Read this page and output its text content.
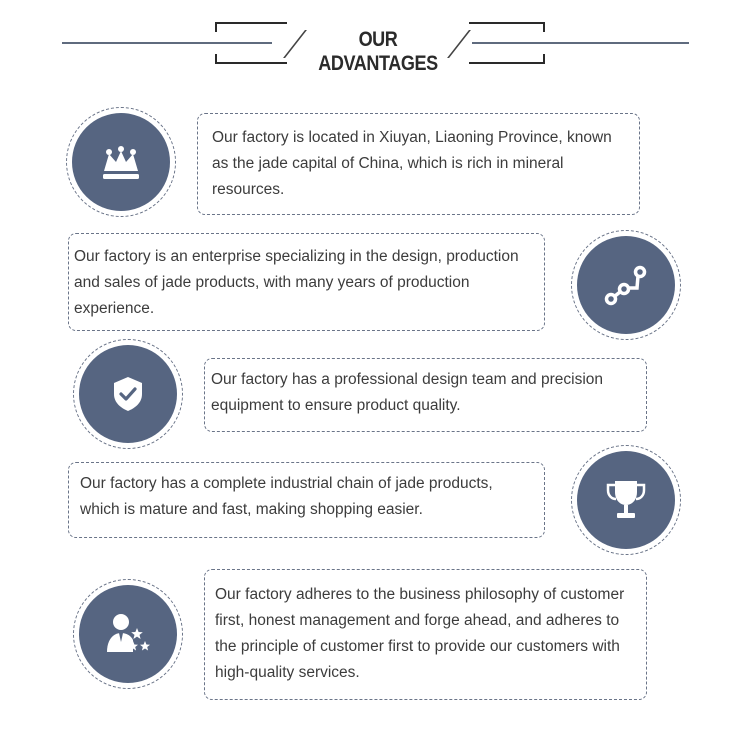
OUR ADVANTAGES
Our factory is located in Xiuyan, Liaoning Province, known as the jade capital of China, which is rich in mineral resources.
Our factory is an enterprise specializing in the design, production and sales of jade products, with many years of production experience.
Our factory has a professional design team and precision equipment to ensure product quality.
Our factory has a complete industrial chain of jade products, which is mature and fast, making shopping easier.
Our factory adheres to the business philosophy of customer first, honest management and forge ahead, and adheres to the principle of customer first to provide our customers with high-quality services.
